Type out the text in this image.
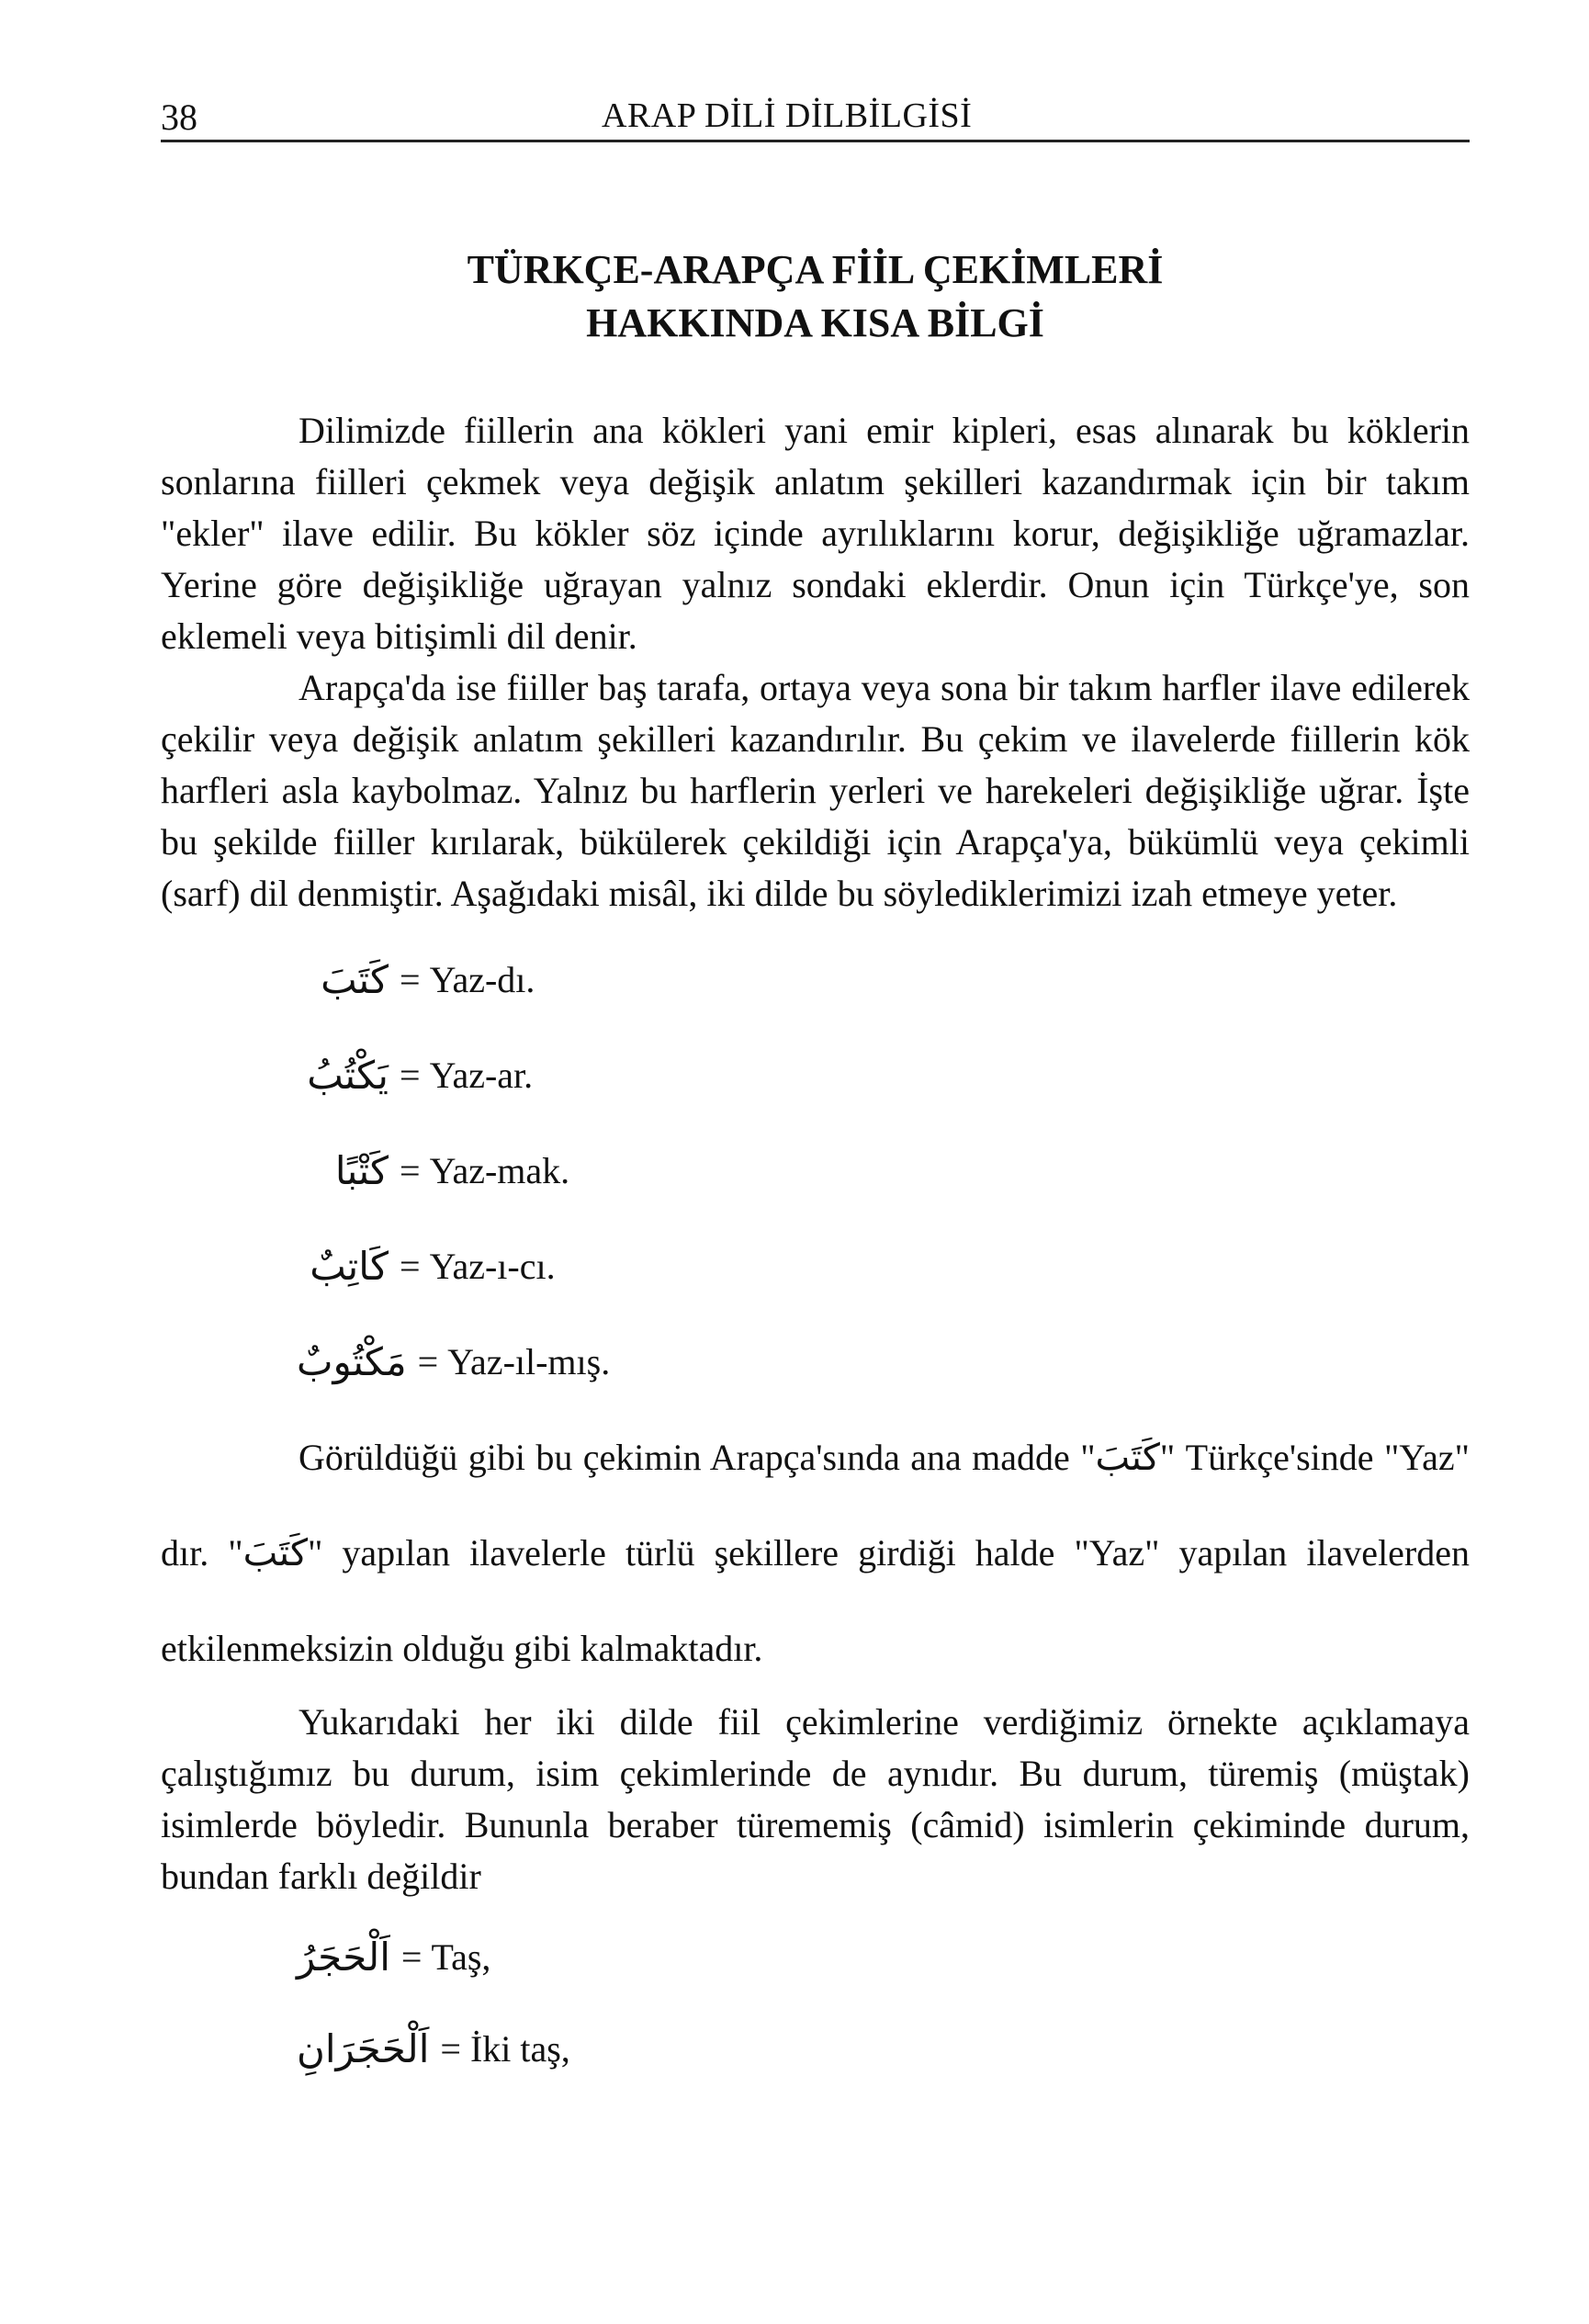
38	ARAP DİLİ DİLBİLGİSİ
TÜRKÇE-ARAPÇA FİİL ÇEKİMLERİ
HAKKINDA KISA BİLGİ

Dilimizde fiillerin ana kökleri yani emir kipleri, esas alınarak bu köklerin sonlarına fiilleri çekmek veya değişik anlatım şekilleri kazandırmak için bir takım "ekler" ilave edilir. Bu kökler söz içinde ayrılıklarını korur, değişikliğe uğramazlar. Yerine göre değişikliğe uğrayan yalnız sondaki eklerdir. Onun için Türkçe'ye, son eklemeli veya bitişimli dil denir.

Arapça'da ise fiiller baş tarafa, ortaya veya sona bir takım harfler ilave edilerek çekilir veya değişik anlatım şekilleri kazandırılır. Bu çekim ve ilavelerde fiillerin kök harfleri asla kaybolmaz. Yalnız bu harflerin yerleri ve harekeleri değişikliğe uğrar. İşte bu şekilde fiiller kırılarak, bükülerek çekildiği için Arapça'ya, bükümlü veya çekimli (sarf) dil denmiştir. Aşağıdaki misâl, iki dilde bu söylediklerimizi izah etmeye yeter.

كَتَبَ = Yaz-dı.
يَكْتُبُ = Yaz-ar.
كَتْبًا = Yaz-mak.
كَاتِبٌ = Yaz-ı-cı.
مَكْتُوبٌ = Yaz-ıl-mış.

Görüldüğü gibi bu çekimin Arapça'sında ana madde "كَتَبَ" Türkçe'sinde "Yaz" dır. "كَتَبَ" yapılan ilavelerle türlü şekillere girdiği halde "Yaz" yapılan ilavelerden etkilenmeksizin olduğu gibi kalmaktadır.

Yukarıdaki her iki dilde fiil çekimlerine verdiğimiz örnekte açıklamaya çalıştığımız bu durum, isim çekimlerinde de aynıdır. Bu durum, türemiş (müştak) isimlerde böyledir. Bununla beraber türememiş (câmid) isimlerin çekiminde durum, bundan farklı değildir

اَلْحَجَرُ = Taş,
اَلْحَجَرَانِ = İki taş,
